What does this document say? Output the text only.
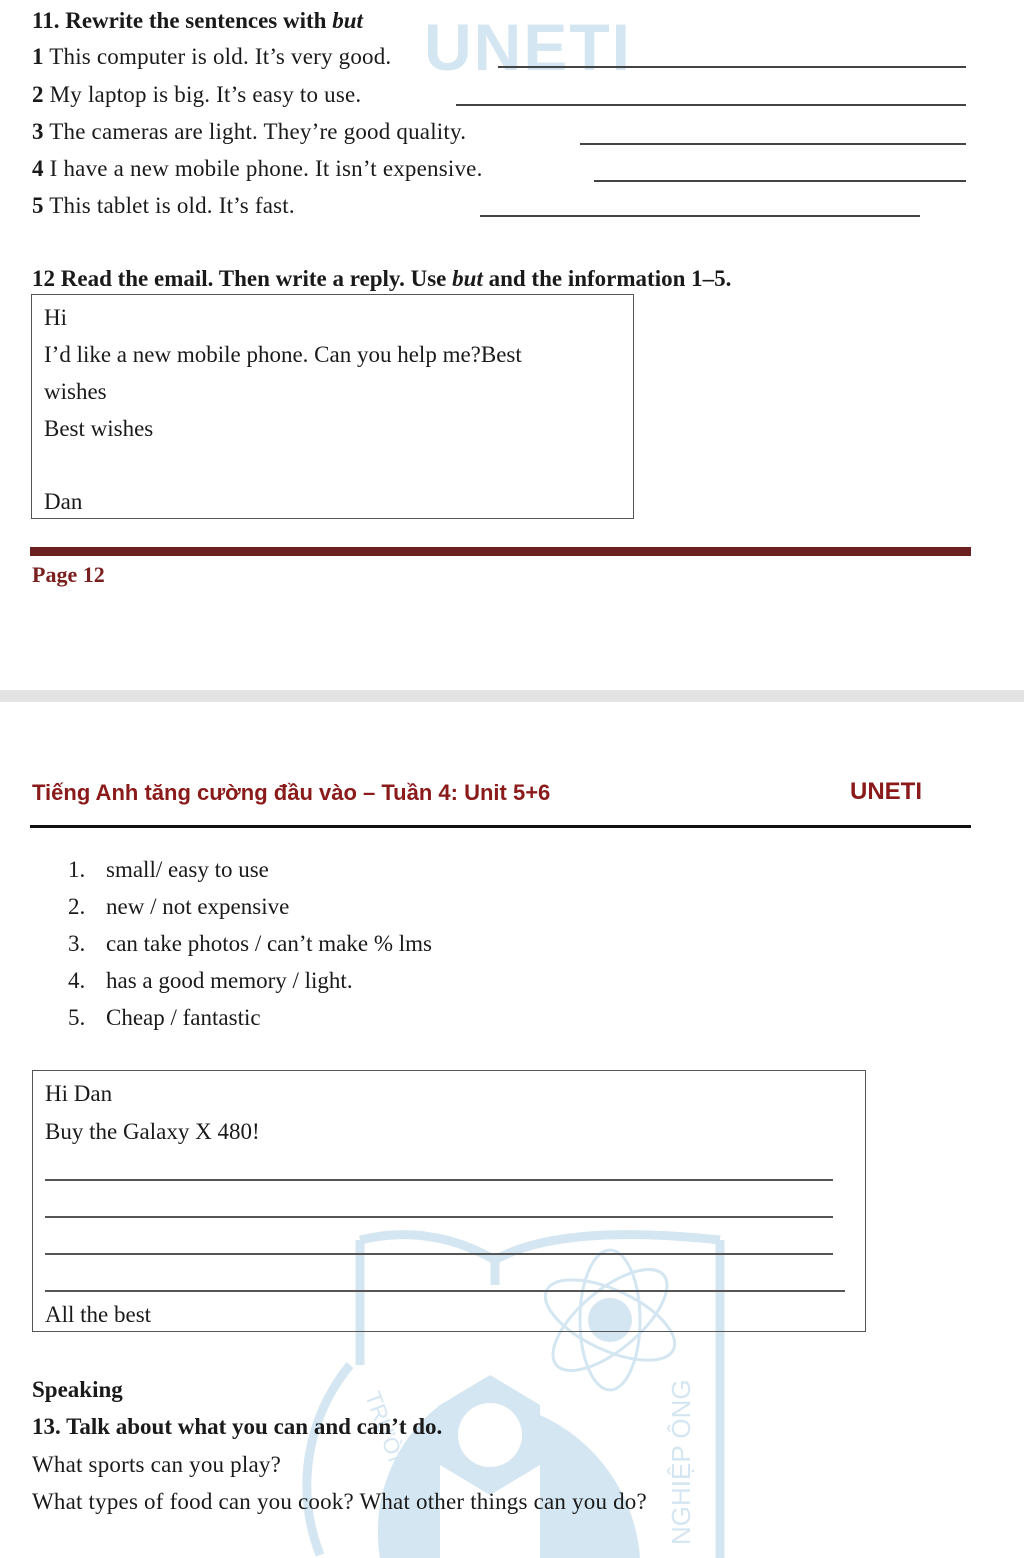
UNETI
TRƯỜNG ĐẠ	NGHIỆP ÔNG
11. Rewrite the sentences with but
1 This computer is old. It’s very good.
2 My laptop is big. It’s easy to use.
3 The cameras are light. They’re good quality.
4 I have a new mobile phone. It isn’t expensive.
5 This tablet is old. It’s fast.
12 Read the email. Then write a reply. Use but and the information 1–5.
Hi
I’d like a new mobile phone. Can you help me?Best
wishes
Best wishes
Dan
Page 12
Tiếng Anh tăng cường đầu vào – Tuần 4: Unit 5+6	UNETI
1. small/ easy to use
2. new / not expensive
3. can take photos / can’t make % lms
4. has a good memory / light.
5. Cheap / fantastic
Hi Dan
Buy the Galaxy X 480!
All the best
Speaking
13. Talk about what you can and can’t do.
What sports can you play?
What types of food can you cook? What other things can you do?
